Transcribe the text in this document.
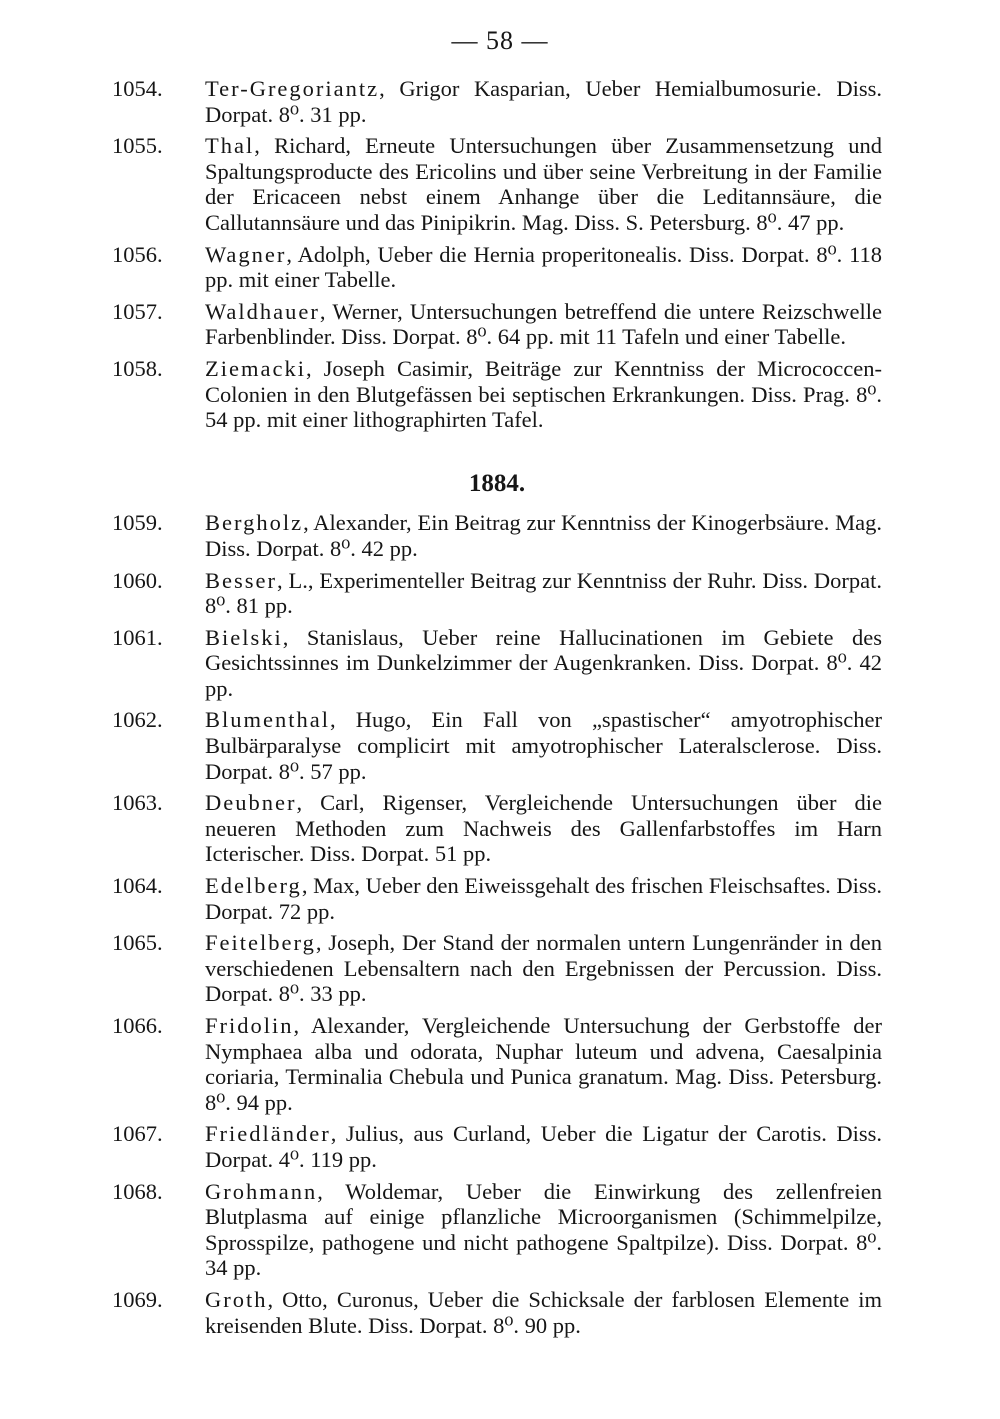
— 58 —
1054. Ter-Gregoriantz, Grigor Kasparian, Ueber Hemialbumosurie. Diss. Dorpat. 8⁰. 31 pp.
1055. Thal, Richard, Erneute Untersuchungen über Zusammensetzung und Spaltungsproducte des Ericolins und über seine Verbreitung in der Familie der Ericaceen nebst einem Anhange über die Leditannsäure, die Callutannsäure und das Pinipikrin. Mag. Diss. S. Petersburg. 8⁰. 47 pp.
1056. Wagner, Adolph, Ueber die Hernia properitonealis. Diss. Dorpat. 8⁰. 118 pp. mit einer Tabelle.
1057. Waldhauer, Werner, Untersuchungen betreffend die untere Reizschwelle Farbenblinder. Diss. Dorpat. 8⁰. 64 pp. mit 11 Tafeln und einer Tabelle.
1058. Ziemacki, Joseph Casimir, Beiträge zur Kenntniss der Micrococcen-Colonien in den Blutgefässen bei septischen Erkrankungen. Diss. Prag. 8⁰. 54 pp. mit einer lithographirten Tafel.
1884.
1059. Bergholz, Alexander, Ein Beitrag zur Kenntniss der Kinogerbsäure. Mag. Diss. Dorpat. 8⁰. 42 pp.
1060. Besser, L., Experimenteller Beitrag zur Kenntniss der Ruhr. Diss. Dorpat. 8⁰. 81 pp.
1061. Bielski, Stanislaus, Ueber reine Hallucinationen im Gebiete des Gesichtssinnes im Dunkelzimmer der Augenkranken. Diss. Dorpat. 8⁰. 42 pp.
1062. Blumenthal, Hugo, Ein Fall von „spastischer“ amyotrophischer Bulbärparalyse complicirt mit amyotrophischer Lateralsclerose. Diss. Dorpat. 8⁰. 57 pp.
1063. Deubner, Carl, Rigenser, Vergleichende Untersuchungen über die neueren Methoden zum Nachweis des Gallenfarbstoffes im Harn Icterischer. Diss. Dorpat. 51 pp.
1064. Edelberg, Max, Ueber den Eiweissgehalt des frischen Fleischsaftes. Diss. Dorpat. 72 pp.
1065. Feitelberg, Joseph, Der Stand der normalen untern Lungenränder in den verschiedenen Lebensaltern nach den Ergebnissen der Percussion. Diss. Dorpat. 8⁰. 33 pp.
1066. Fridolin, Alexander, Vergleichende Untersuchung der Gerbstoffe der Nymphaea alba und odorata, Nuphar luteum und advena, Caesalpinia coriaria, Terminalia Chebula und Punica granatum. Mag. Diss. Petersburg. 8⁰. 94 pp.
1067. Friedländer, Julius, aus Curland, Ueber die Ligatur der Carotis. Diss. Dorpat. 4⁰. 119 pp.
1068. Grohmann, Woldemar, Ueber die Einwirkung des zellenfreien Blutplasma auf einige pflanzliche Microorganismen (Schimmelpilze, Sprosspilze, pathogene und nicht pathogene Spaltpilze). Diss. Dorpat. 8⁰. 34 pp.
1069. Groth, Otto, Curonus, Ueber die Schicksale der farblosen Elemente im kreisenden Blute. Diss. Dorpat. 8⁰. 90 pp.
